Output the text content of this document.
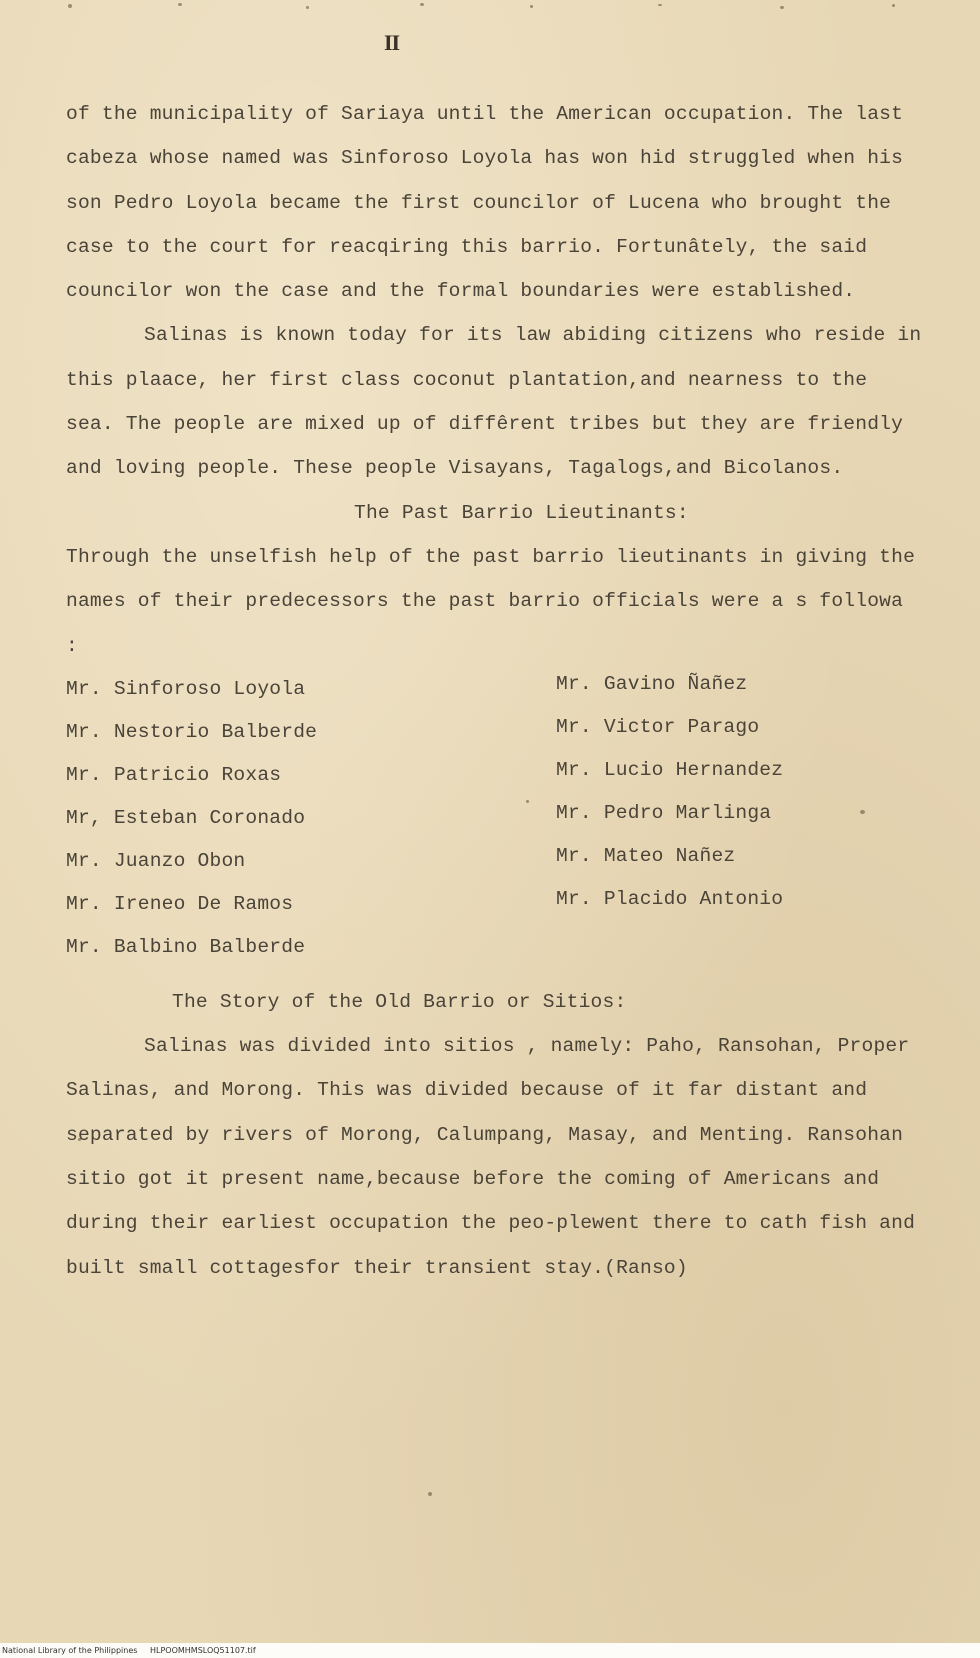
II

of the municipality of Sariaya until the American occupation. The last cabeza whose named was Sinforoso Loyola has won hid struggled when his son Pedro Loyola became the first councilor of Lucena who brought the case to the court for reacqiring this barrio. Fortunâtely, the said councilor won the case and the formal boundaries were established.

Salinas is known today for its law abiding citizens who reside in this plaace, her first class coconut plantation,and nearness to the sea. The people are mixed up of diffêrent tribes but they are friendly and loving people. These people Visayans, Tagalogs,and Bicolanos.

The Past Barrio Lieutinants:

Through the unselfish help of the past barrio lieutinants in giving the names of their predecessors the past barrio officials were a s followa :

Mr. Sinforoso Loyola
Mr. Nestorio Balberde
Mr. Patricio Roxas
Mr, Esteban Coronado
Mr. Juanzo Obon
Mr. Ireneo De Ramos
Mr. Balbino Balberde
Mr. Gavino Ñañez
Mr. Victor Parago
Mr. Lucio Hernandez
Mr. Pedro Marlinga
Mr. Mateo Nañez
Mr. Placido Antonio

The Story of the Old Barrio or Sitios:

Salinas was divided into sitios , namely: Paho, Ransohan, Proper Salinas, and Morong. This was divided because of it far distant and separated by rivers of Morong, Calumpang, Masay, and Menting. Ransohan sitio got it present name,because before the coming of Americans and during their earliest occupation the peo-plewent there to cath fish and built small cottagesfor their transient stay.(Ranso)

National Library of the Philippines HLPOOMHMSLOQ51107.tif
